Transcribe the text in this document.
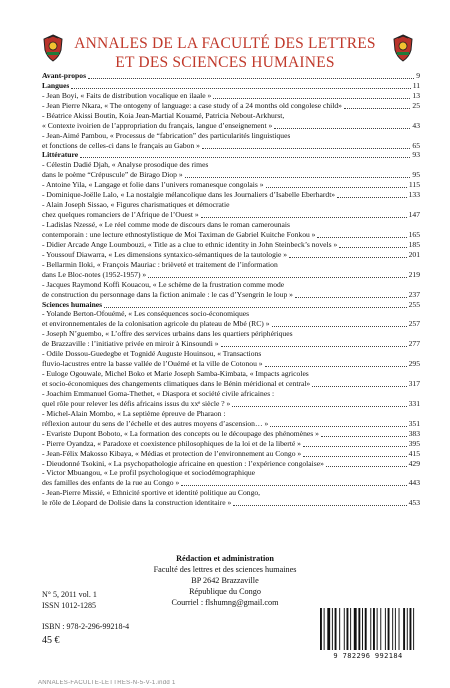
ANNALES DE LA FACULTÉ DES LETTRES
ET DES SCIENCES HUMAINES
Avant-propos	9
Langues	11
- Jean Boyi, « Faits de distribution vocalique en ilaale »	13
- Jean Pierre Nkara, « The ontogeny of language: a case study of a 24 months old congolese child»	25
- Béatrice Akissi Boutin, Koia Jean-Martial Kouamé, Patricia Nebout-Arkhurst,
« Contexte ivoirien de l’appropriation du français, langue d’enseignement »	43
- Jean-Aimé Pambou, « Processus de “fabrication” des particularités linguistiques
et fonctions de celles-ci dans le français au Gabon »	65
Littérature	93
- Célestin Dadié Djah, « Analyse prosodique des rimes
dans le poème “Crépuscule” de Birago Diop »	95
- Antoine Yila, « Langage et folie dans l’univers romanesque congolais »	115
- Dominique-Joëlle Lalo, « La nostalgie mélancolique dans les Journaliers d’Isabelle Eberhardt»	133
- Alain Joseph Sissao, « Figures charismatiques et démocratie
chez quelques romanciers de l’Afrique de l’Ouest »	147
- Ladislas Nzessé, « Le réel comme mode de discours dans le roman camerounais
contemporain : une lecture ethnostylistique de Moi Taximan de Gabriel Kuitche Fonkou »	165
- Didier Arcade Ange Loumbouzi, « Title as a clue to ethnic identity in John Steinbeck’s novels »	185
- Youssouf Diawarra, « Les dimensions syntaxico-sémantiques de la tautologie »	201
- Bellarmin Iloki, « François Mauriac : brièveté et traitement de l’information
dans Le Bloc-notes (1952-1957) »	219
- Jacques Raymond Koffi Kouacou, « Le schème de la frustration comme mode
de construction du personnage dans la fiction animale : le cas d’Ysengrin le loup »	237
Sciences humaines	255
- Yolande Berton-Ofouémé, « Les conséquences socio-économiques
et environnementales de la colonisation agricole du plateau de Mbé (RC) »	257
- Joseph N’guembo, « L’offre des services urbains dans les quartiers périphériques
de Brazzaville : l’initiative privée en miroir à Kinsoundi »	277
- Odile Dossou-Guedegbe et Tognidé Auguste Houinsou, « Transactions
fluvio-lacustres entre la basse vallée de l’Ouémé et la ville de Cotonou »	295
- Euloge Ogouwale, Michel Boko et Marie Joseph Samba-Kimbata, « Impacts agricoles
et socio-économiques des changements climatiques dans le Bénin méridional et central»	317
- Joachim Emmanuel Goma-Thethet, « Diaspora et société civile africaines :
quel rôle pour relever les défis africains issus du xxᵉ siècle ? »	331
- Michel-Alain Mombo, « La septième épreuve de Pharaon :
réflexion autour du sens de l’échelle et des autres moyens d’ascension… »	351
- Evariste Dupont Boboto, « La formation des concepts ou le découpage des phénomènes »	383
- Pierre Oyandza, « Paradoxe et coexistence philosophiques de la loi et de la liberté »	395
- Jean-Félix Makosso Kibaya, « Médias et protection de l’environnement au Congo »	415
- Dieudonné Tsokini, « La psychopathologie africaine en question : l’expérience congolaise»	429
- Victor Mbuangou, « Le profil psychologique et sociodémographique
des familles des enfants de la rue au Congo »	443
- Jean-Pierre Missié, « Ethnicité sportive et identité politique au Congo,
le rôle de Léopard de Dolisie dans la construction identitaire »	453
Rédaction et administration
Faculté des lettres et des sciences humaines
BP 2642 Brazzaville
République du Congo
Courriel : flshumng@gmail.com
N° 5, 2011 vol. 1
ISSN 1012-1285
ISBN : 978-2-296-99218-4
45 €
9 782296 992184
ANNALES-FACULTE-LETTRES-N-5-V-1.indd 1
